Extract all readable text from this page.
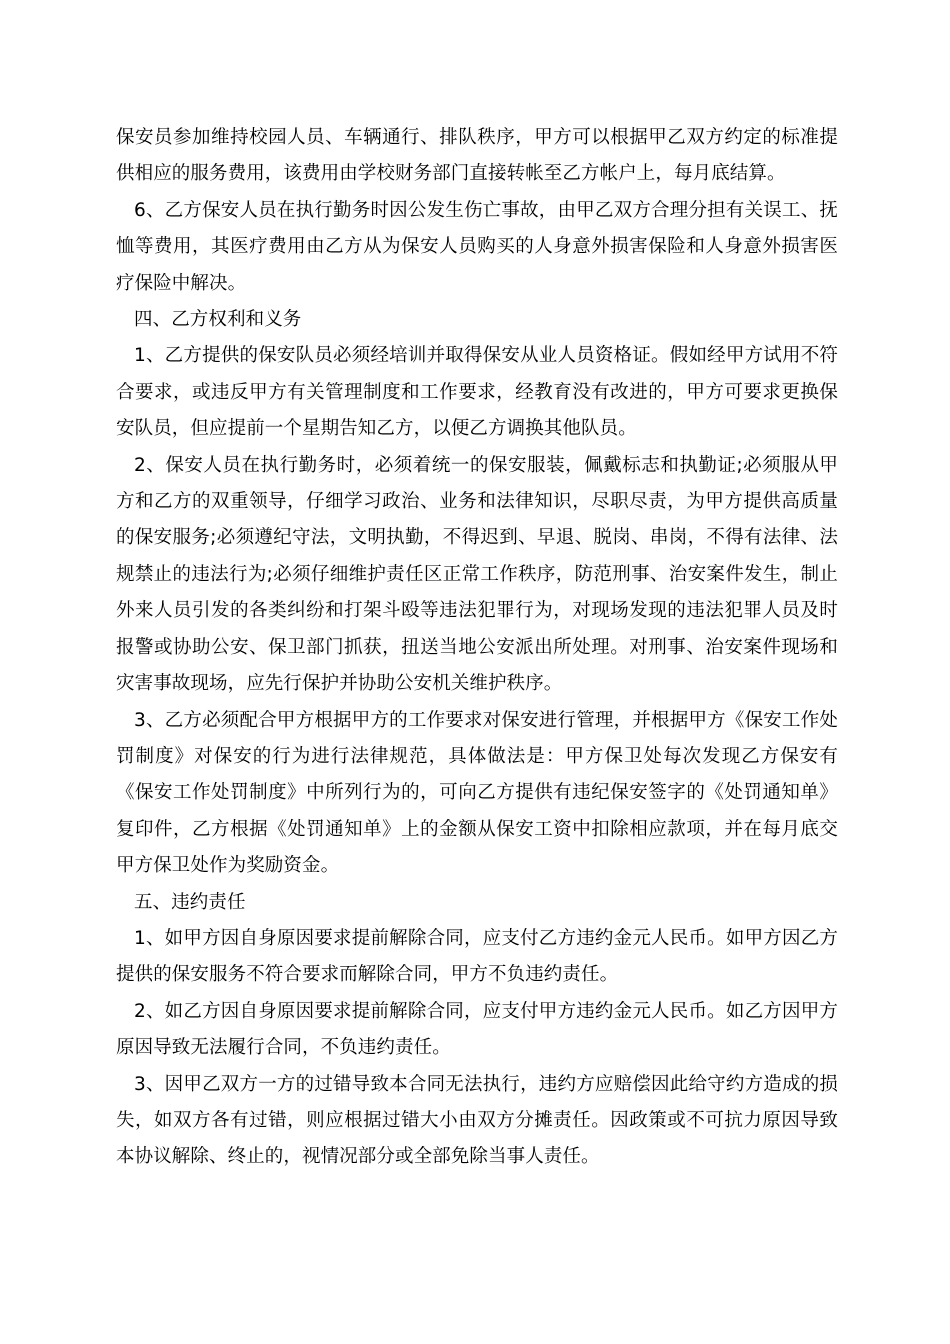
保安员参加维持校园人员、车辆通行、排队秩序，甲方可以根据甲乙双方约定的标准提供相应的服务费用，该费用由学校财务部门直接转帐至乙方帐户上，每月底结算。

6、乙方保安人员在执行勤务时因公发生伤亡事故，由甲乙双方合理分担有关误工、抚恤等费用，其医疗费用由乙方从为保安人员购买的人身意外损害保险和人身意外损害医疗保险中解决。

四、乙方权利和义务

1、乙方提供的保安队员必须经培训并取得保安从业人员资格证。假如经甲方试用不符合要求，或违反甲方有关管理制度和工作要求，经教育没有改进的，甲方可要求更换保安队员，但应提前一个星期告知乙方，以便乙方调换其他队员。

2、保安人员在执行勤务时，必须着统一的保安服装，佩戴标志和执勤证;必须服从甲方和乙方的双重领导，仔细学习政治、业务和法律知识，尽职尽责，为甲方提供高质量的保安服务;必须遵纪守法，文明执勤，不得迟到、早退、脱岗、串岗，不得有法律、法规禁止的违法行为;必须仔细维护责任区正常工作秩序，防范刑事、治安案件发生，制止外来人员引发的各类纠纷和打架斗殴等违法犯罪行为，对现场发现的违法犯罪人员及时报警或协助公安、保卫部门抓获，扭送当地公安派出所处理。对刑事、治安案件现场和灾害事故现场，应先行保护并协助公安机关维护秩序。

3、乙方必须配合甲方根据甲方的工作要求对保安进行管理，并根据甲方《保安工作处罚制度》对保安的行为进行法律规范，具体做法是：甲方保卫处每次发现乙方保安有《保安工作处罚制度》中所列行为的，可向乙方提供有违纪保安签字的《处罚通知单》复印件，乙方根据《处罚通知单》上的金额从保安工资中扣除相应款项，并在每月底交甲方保卫处作为奖励资金。

五、违约责任

1、如甲方因自身原因要求提前解除合同，应支付乙方违约金元人民币。如甲方因乙方提供的保安服务不符合要求而解除合同，甲方不负违约责任。

2、如乙方因自身原因要求提前解除合同，应支付甲方违约金元人民币。如乙方因甲方原因导致无法履行合同，不负违约责任。

3、因甲乙双方一方的过错导致本合同无法执行，违约方应赔偿因此给守约方造成的损失，如双方各有过错，则应根据过错大小由双方分摊责任。因政策或不可抗力原因导致本协议解除、终止的，视情况部分或全部免除当事人责任。
